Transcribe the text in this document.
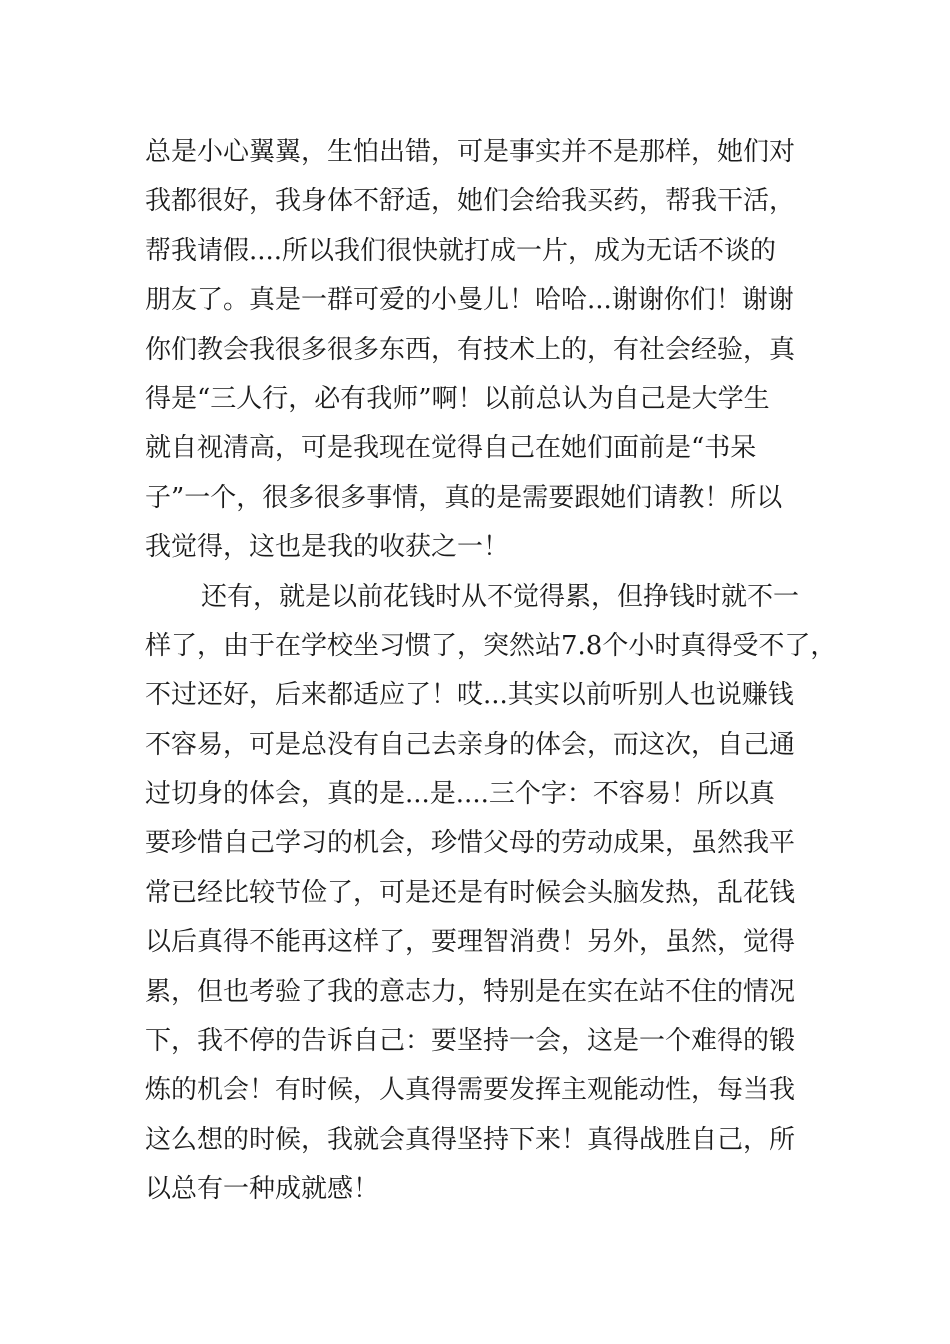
总是小心翼翼，生怕出错，可是事实并不是那样，她们对
我都很好，我身体不舒适，她们会给我买药，帮我干活，
帮我请假....所以我们很快就打成一片，成为无话不谈的
朋友了。真是一群可爱的小曼儿！哈哈...谢谢你们！谢谢
你们教会我很多很多东西，有技术上的，有社会经验，真
得是“三人行，必有我师”啊！以前总认为自己是大学生
就自视清高，可是我现在觉得自己在她们面前是“书呆
子”一个，很多很多事情，真的是需要跟她们请教！所以
我觉得，这也是我的收获之一！
还有，就是以前花钱时从不觉得累，但挣钱时就不一
样了，由于在学校坐习惯了，突然站7.8个小时真得受不了，
不过还好，后来都适应了！哎...其实以前听别人也说赚钱
不容易，可是总没有自己去亲身的体会，而这次，自己通
过切身的体会，真的是...是....三个字：不容易！所以真
要珍惜自己学习的机会，珍惜父母的劳动成果，虽然我平
常已经比较节俭了，可是还是有时候会头脑发热，乱花钱
以后真得不能再这样了，要理智消费！另外，虽然，觉得
累，但也考验了我的意志力，特别是在实在站不住的情况
下，我不停的告诉自己：要坚持一会，这是一个难得的锻
炼的机会！有时候，人真得需要发挥主观能动性，每当我
这么想的时候，我就会真得坚持下来！真得战胜自己，所
以总有一种成就感！
